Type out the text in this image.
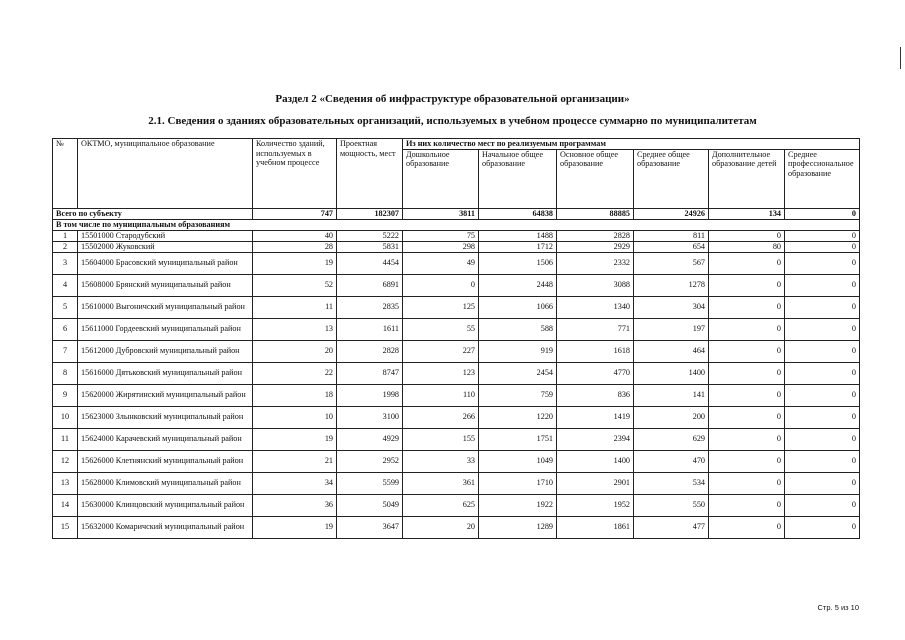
Раздел 2 «Сведения об инфраструктуре образовательной организации»
2.1. Сведения о зданиях образовательных организаций, используемых в учебном процессе суммарно по муниципалитетам
№	ОКТМО, муниципальное образование	Количество зданий, используемых в учебном процессе	Проектная мощность, мест	Из них количество мест по реализуемым программам					
				Дошкольное образование	Начальное общее образование	Основное общее образование	Среднее общее образование	Дополнительное образование детей	Среднее профессиональное образование
Всего по субъекту		747	182307	3811	64838	88885	24926	134	0
В том числе по муниципальным образованиям									
1	15501000 Стародубский	40	5222	75	1488	2828	811	0	0
2	15502000 Жуковский	28	5831	298	1712	2929	654	80	0
3	15604000 Брасовский муниципальный район	19	4454	49	1506	2332	567	0	0
4	15608000 Брянский муниципальный район	52	6891	0	2448	3088	1278	0	0
5	15610000 Выгоничский муниципальный район	11	2835	125	1066	1340	304	0	0
6	15611000 Гордеевский муниципальный район	13	1611	55	588	771	197	0	0
7	15612000 Дубровский муниципальный район	20	2828	227	919	1618	464	0	0
8	15616000 Дятьковский муниципальный район	22	8747	123	2454	4770	1400	0	0
9	15620000 Жирятинский муниципальный район	18	1998	110	759	836	141	0	0
10	15623000 Злынковский муниципальный район	10	3100	266	1220	1419	200	0	0
11	15624000 Карачевский муниципальный район	19	4929	155	1751	2394	629	0	0
12	15626000 Клетнянский муниципальный район	21	2952	33	1049	1400	470	0	0
13	15628000 Климовский муниципальный район	34	5599	361	1710	2901	534	0	0
14	15630000 Клинцовский муниципальный район	36	5049	625	1922	1952	550	0	0
15	15632000 Комаричский муниципальный район	19	3647	20	1289	1861	477	0	0
Стр. 5 из 10
